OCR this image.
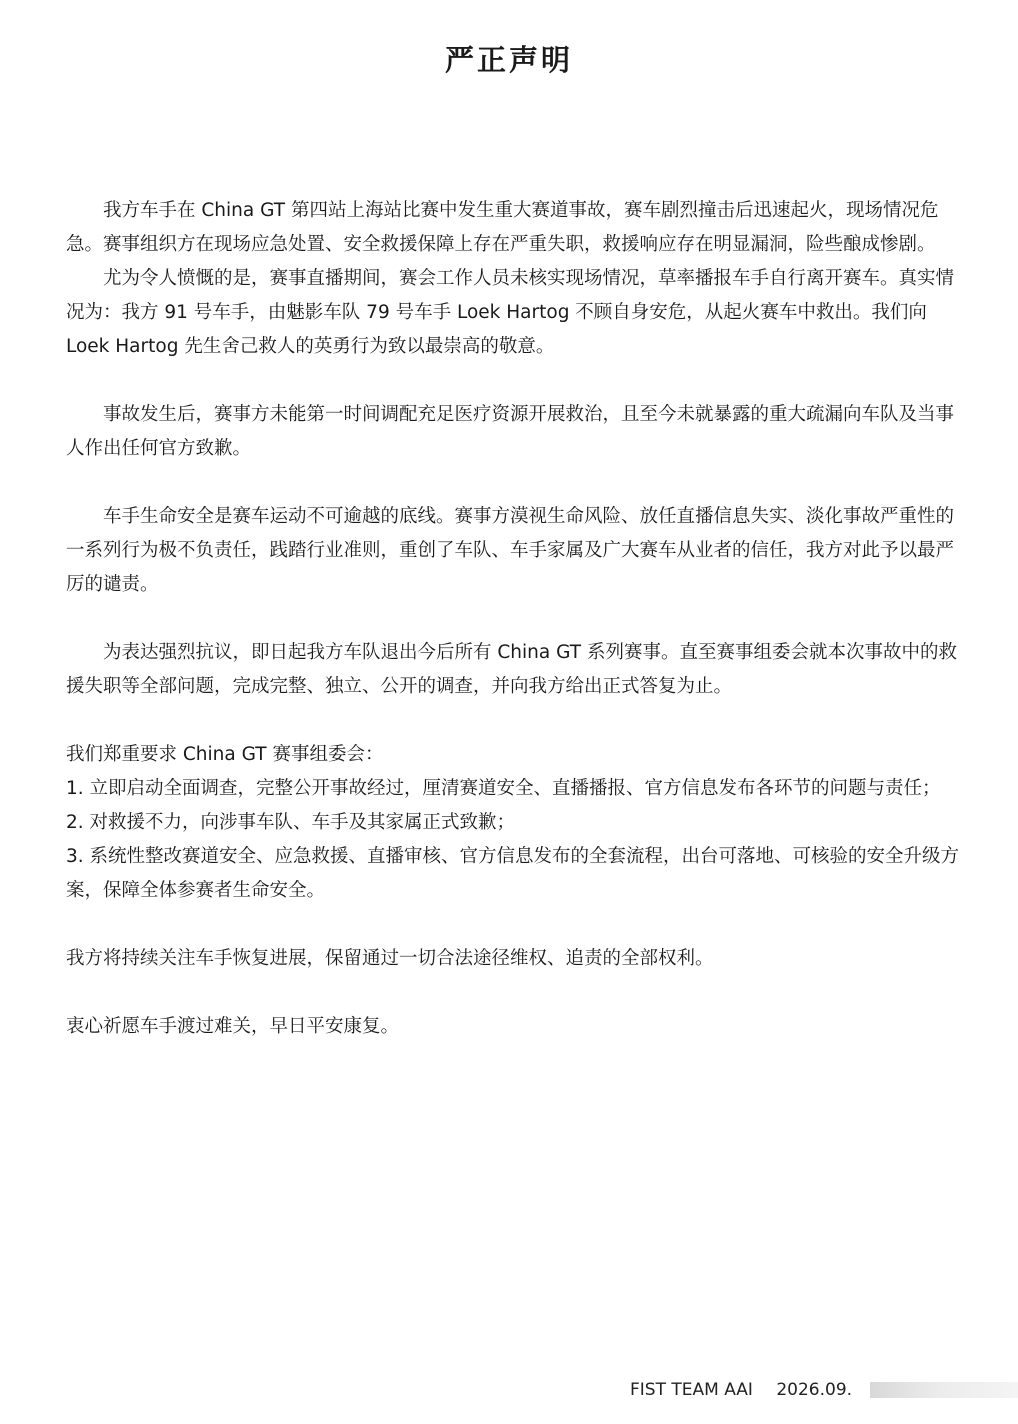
严正声明

我方车手在 China GT 第四站上海站比赛中发生重大赛道事故，赛车剧烈撞击后迅速起火，现场情况危急。赛事组织方在现场应急处置、安全救援保障上存在严重失职，救援响应存在明显漏洞，险些酿成惨剧。

尤为令人愤慨的是，赛事直播期间，赛会工作人员未核实现场情况，草率播报车手自行离开赛车。真实情况为：我方 91 号车手，由魅影车队 79 号车手 Loek Hartog 不顾自身安危，从起火赛车中救出。我们向 Loek Hartog 先生舍己救人的英勇行为致以最崇高的敬意。

事故发生后，赛事方未能第一时间调配充足医疗资源开展救治，且至今未就暴露的重大疏漏向车队及当事人作出任何官方致歉。

车手生命安全是赛车运动不可逾越的底线。赛事方漠视生命风险、放任直播信息失实、淡化事故严重性的一系列行为极不负责任，践踏行业准则，重创了车队、车手家属及广大赛车从业者的信任，我方对此予以最严厉的谴责。

为表达强烈抗议，即日起我方车队退出今后所有 China GT 系列赛事。直至赛事组委会就本次事故中的救援失职等全部问题，完成完整、独立、公开的调查，并向我方给出正式答复为止。

我们郑重要求 China GT 赛事组委会：

1. 立即启动全面调查，完整公开事故经过，厘清赛道安全、直播播报、官方信息发布各环节的问题与责任；

2. 对救援不力，向涉事车队、车手及其家属正式致歉；

3. 系统性整改赛道安全、应急救援、直播审核、官方信息发布的全套流程，出台可落地、可核验的安全升级方案，保障全体参赛者生命安全。

我方将持续关注车手恢复进展，保留通过一切合法途径维权、追责的全部权利。

衷心祈愿车手渡过难关，早日平安康复。

FIST TEAM AAI 2026.09.
